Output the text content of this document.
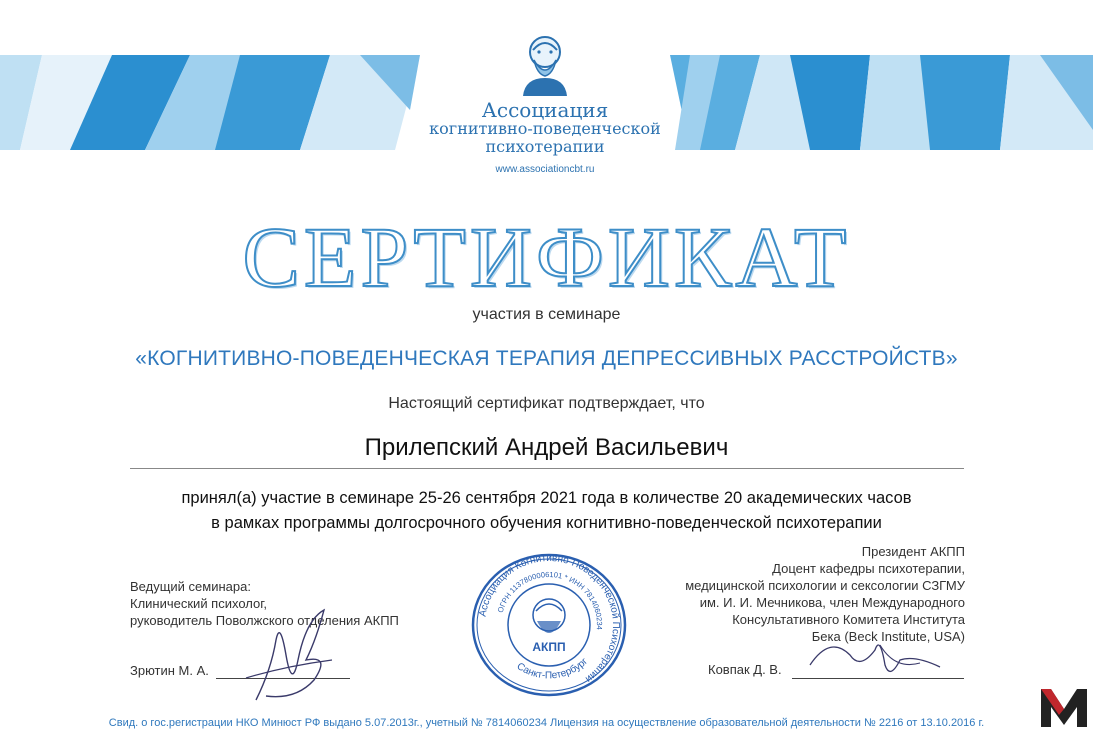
Ассоциация
когнитивно-поведенческой
психотерапии
www.associationcbt.ru
СЕРТИФИКАТ
участия в семинаре
«КОГНИТИВНО-ПОВЕДЕНЧЕСКАЯ ТЕРАПИЯ ДЕПРЕССИВНЫХ РАССТРОЙСТВ»
Настоящий сертификат подтверждает, что
Прилепский Андрей Васильевич
принял(а) участие в семинаре 25-26 сентября 2021 года в количестве 20 академических часов
в рамках программы долгосрочного обучения когнитивно-поведенческой психотерапии
Ведущий семинара:
Клинический психолог,
руководитель Поволжского отделения АКПП
Зрютин М. А.
Президент АКПП
Доцент кафедры психотерапии,
медицинской психологии и сексологии СЗГМУ
им. И. И. Мечникова, член Международного
Консультативного Комитета Института
Бека (Beck Institute, USA)
Ковпак Д. В.
Ассоциация Когнитивно-Поведенческой Психотерапии
ОГРН 1137800006101 * ИНН 7814060234
Санкт-Петербург
АКПП
Свид. о гос.регистрации НКО Минюст РФ выдано 5.07.2013г., учетный № 7814060234 Лицензия на осуществление образовательной деятельности № 2216 от 13.10.2016 г.
